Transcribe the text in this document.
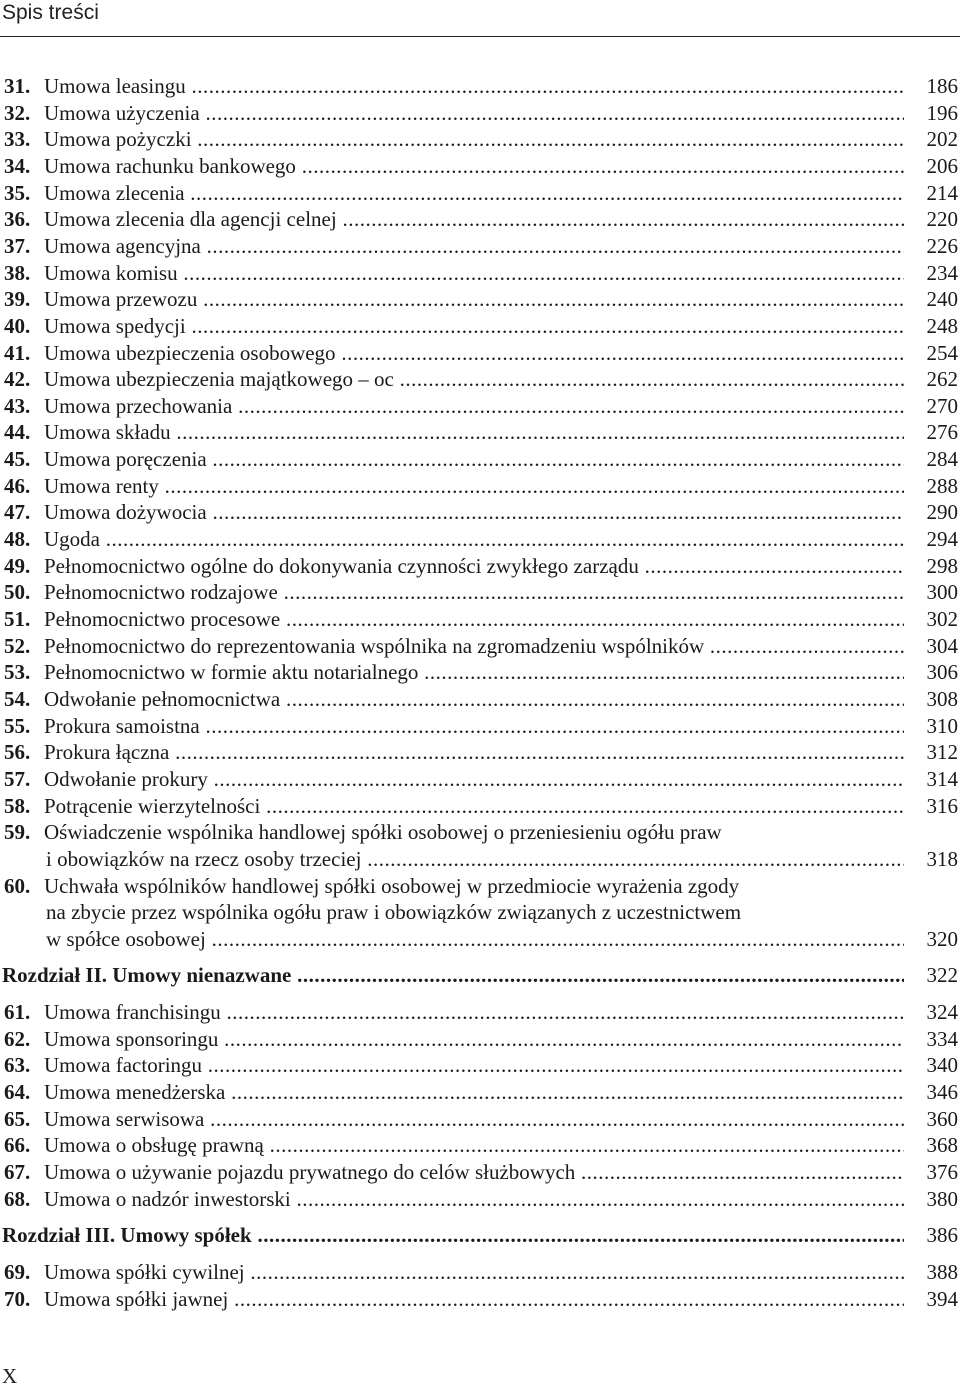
Spis treści
31. Umowa leasingu .....	186
32. Umowa użyczenia .....	196
33. Umowa pożyczki .....	202
34. Umowa rachunku bankowego .....	206
35. Umowa zlecenia .....	214
36. Umowa zlecenia dla agencji celnej .....	220
37. Umowa agencyjna .....	226
38. Umowa komisu .....	234
39. Umowa przewozu .....	240
40. Umowa spedycji .....	248
41. Umowa ubezpieczenia osobowego .....	254
42. Umowa ubezpieczenia majątkowego – oc .....	262
43. Umowa przechowania .....	270
44. Umowa składu .....	276
45. Umowa poręczenia .....	284
46. Umowa renty .....	288
47. Umowa dożywocia .....	290
48. Ugoda .....	294
49. Pełnomocnictwo ogólne do dokonywania czynności zwykłego zarządu .....	298
50. Pełnomocnictwo rodzajowe .....	300
51. Pełnomocnictwo procesowe .....	302
52. Pełnomocnictwo do reprezentowania wspólnika na zgromadzeniu wspólników .....	304
53. Pełnomocnictwo w formie aktu notarialnego .....	306
54. Odwołanie pełnomocnictwa .....	308
55. Prokura samoistna .....	310
56. Prokura łączna .....	312
57. Odwołanie prokury .....	314
58. Potrącenie wierzytelności .....	316
59. Oświadczenie wspólnika handlowej spółki osobowej o przeniesieniu ogółu praw
i obowiązków na rzecz osoby trzeciej .....	318
60. Uchwała wspólników handlowej spółki osobowej w przedmiocie wyrażenia zgody
na zbycie przez wspólnika ogółu praw i obowiązków związanych z uczestnictwem
w spółce osobowej .....	320
Rozdział II. Umowy nienazwane .....	322
61. Umowa franchisingu .....	324
62. Umowa sponsoringu .....	334
63. Umowa factoringu .....	340
64. Umowa menedżerska .....	346
65. Umowa serwisowa .....	360
66. Umowa o obsługę prawną .....	368
67. Umowa o używanie pojazdu prywatnego do celów służbowych .....	376
68. Umowa o nadzór inwestorski .....	380
Rozdział III. Umowy spółek .....	386
69. Umowa spółki cywilnej .....	388
70. Umowa spółki jawnej .....	394
X
